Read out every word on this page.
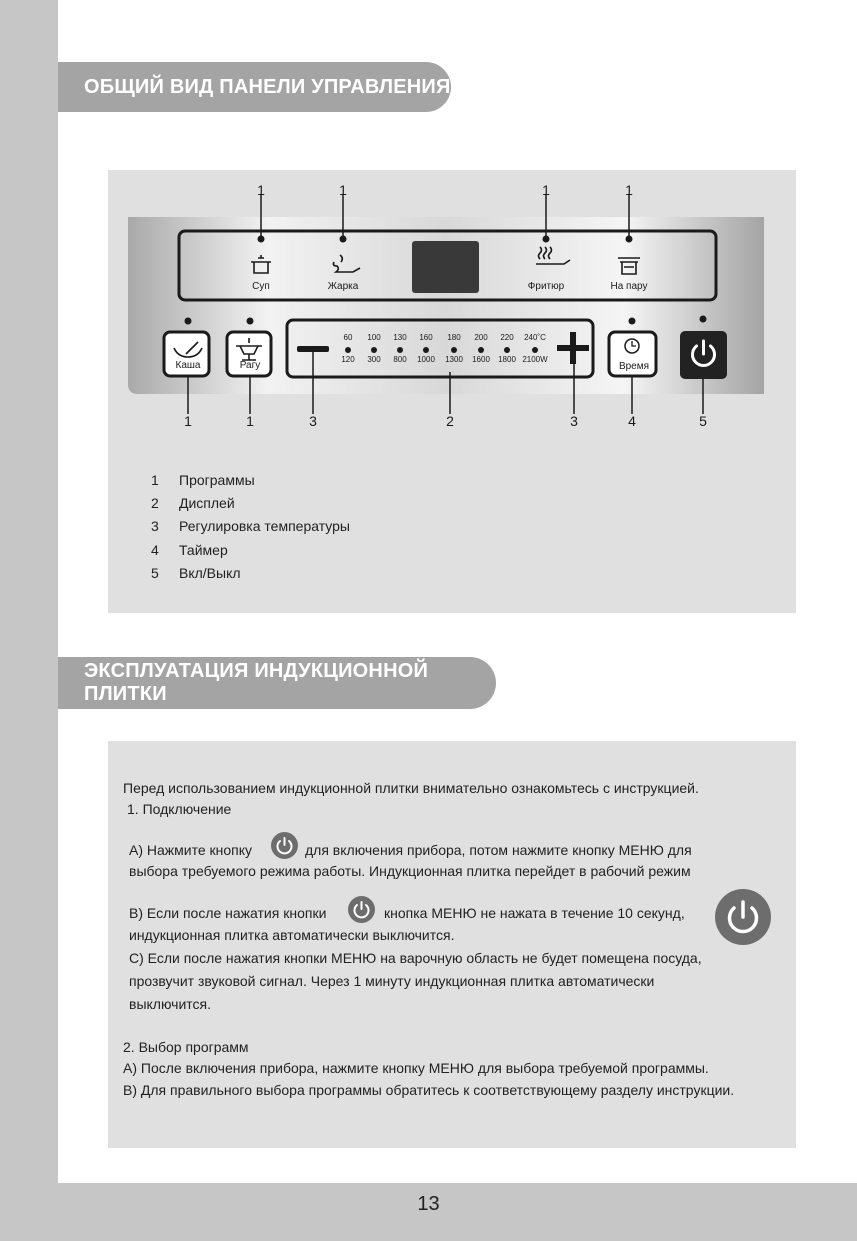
ОБЩИЙ ВИД ПАНЕЛИ УПРАВЛЕНИЯ
1	1	1	1
Суп	Жарка	Фритюр	На пару
Каша	Рагу	Время
60	100	130	160	180	200	220	240˚C
120	300	800	1000	1300	1600	1800 2100W
1	1	3	2	3	4	5
1	Программы
2	Дисплей
3	Регулировка температуры
4	Таймер
5	Вкл/Выкл
ЭКСПЛУАТАЦИЯ ИНДУКЦИОННОЙ ПЛИТКИ
Перед использованием индукционной плитки внимательно ознакомьтесь с инструкцией.
1. Подключение
А) Нажмите кнопку	для включения прибора, потом нажмите кнопку МЕНЮ для
выбора требуемого режима работы. Индукционная плитка перейдет в рабочий режим
В) Если после нажатия кнопки	кнопка МЕНЮ не нажата в течение 10 секунд,
индукционная плитка автоматически выключится.
С) Если после нажатия кнопки МЕНЮ на варочную область не будет помещена посуда,
прозвучит звуковой сигнал. Через 1 минуту индукционная плитка автоматически
выключится.
2. Выбор программ
А) После включения прибора, нажмите кнопку МЕНЮ для выбора требуемой программы.
В) Для правильного выбора программы обратитесь к соответствующему разделу инструкции.
13
